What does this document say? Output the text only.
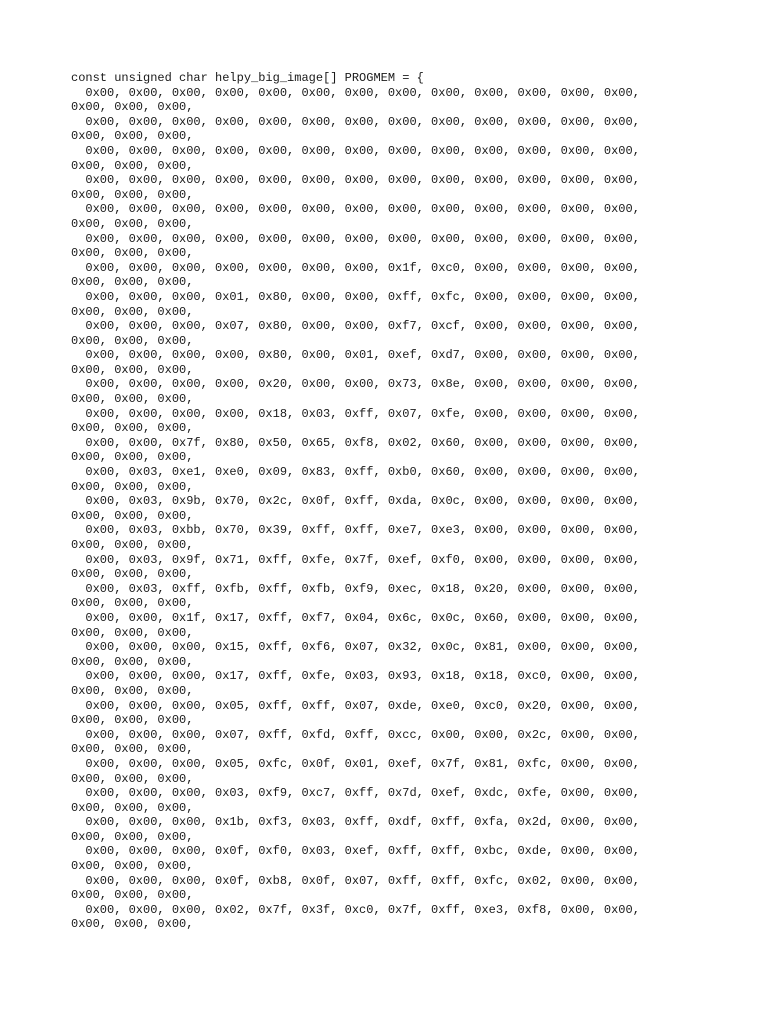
const unsigned char helpy_big_image[] PROGMEM = {
0x00, 0x00, 0x00, 0x00, 0x00, 0x00, 0x00, 0x00, 0x00, 0x00, 0x00, 0x00, 0x00,
0x00, 0x00, 0x00,
0x00, 0x00, 0x00, 0x00, 0x00, 0x00, 0x00, 0x00, 0x00, 0x00, 0x00, 0x00, 0x00,
0x00, 0x00, 0x00,
0x00, 0x00, 0x00, 0x00, 0x00, 0x00, 0x00, 0x00, 0x00, 0x00, 0x00, 0x00, 0x00,
0x00, 0x00, 0x00,
0x00, 0x00, 0x00, 0x00, 0x00, 0x00, 0x00, 0x00, 0x00, 0x00, 0x00, 0x00, 0x00,
0x00, 0x00, 0x00,
0x00, 0x00, 0x00, 0x00, 0x00, 0x00, 0x00, 0x00, 0x00, 0x00, 0x00, 0x00, 0x00,
0x00, 0x00, 0x00,
0x00, 0x00, 0x00, 0x00, 0x00, 0x00, 0x00, 0x00, 0x00, 0x00, 0x00, 0x00, 0x00,
0x00, 0x00, 0x00,
0x00, 0x00, 0x00, 0x00, 0x00, 0x00, 0x00, 0x1f, 0xc0, 0x00, 0x00, 0x00, 0x00,
0x00, 0x00, 0x00,
0x00, 0x00, 0x00, 0x01, 0x80, 0x00, 0x00, 0xff, 0xfc, 0x00, 0x00, 0x00, 0x00,
0x00, 0x00, 0x00,
0x00, 0x00, 0x00, 0x07, 0x80, 0x00, 0x00, 0xf7, 0xcf, 0x00, 0x00, 0x00, 0x00,
0x00, 0x00, 0x00,
0x00, 0x00, 0x00, 0x00, 0x80, 0x00, 0x01, 0xef, 0xd7, 0x00, 0x00, 0x00, 0x00,
0x00, 0x00, 0x00,
0x00, 0x00, 0x00, 0x00, 0x20, 0x00, 0x00, 0x73, 0x8e, 0x00, 0x00, 0x00, 0x00,
0x00, 0x00, 0x00,
0x00, 0x00, 0x00, 0x00, 0x18, 0x03, 0xff, 0x07, 0xfe, 0x00, 0x00, 0x00, 0x00,
0x00, 0x00, 0x00,
0x00, 0x00, 0x7f, 0x80, 0x50, 0x65, 0xf8, 0x02, 0x60, 0x00, 0x00, 0x00, 0x00,
0x00, 0x00, 0x00,
0x00, 0x03, 0xe1, 0xe0, 0x09, 0x83, 0xff, 0xb0, 0x60, 0x00, 0x00, 0x00, 0x00,
0x00, 0x00, 0x00,
0x00, 0x03, 0x9b, 0x70, 0x2c, 0x0f, 0xff, 0xda, 0x0c, 0x00, 0x00, 0x00, 0x00,
0x00, 0x00, 0x00,
0x00, 0x03, 0xbb, 0x70, 0x39, 0xff, 0xff, 0xe7, 0xe3, 0x00, 0x00, 0x00, 0x00,
0x00, 0x00, 0x00,
0x00, 0x03, 0x9f, 0x71, 0xff, 0xfe, 0x7f, 0xef, 0xf0, 0x00, 0x00, 0x00, 0x00,
0x00, 0x00, 0x00,
0x00, 0x03, 0xff, 0xfb, 0xff, 0xfb, 0xf9, 0xec, 0x18, 0x20, 0x00, 0x00, 0x00,
0x00, 0x00, 0x00,
0x00, 0x00, 0x1f, 0x17, 0xff, 0xf7, 0x04, 0x6c, 0x0c, 0x60, 0x00, 0x00, 0x00,
0x00, 0x00, 0x00,
0x00, 0x00, 0x00, 0x15, 0xff, 0xf6, 0x07, 0x32, 0x0c, 0x81, 0x00, 0x00, 0x00,
0x00, 0x00, 0x00,
0x00, 0x00, 0x00, 0x17, 0xff, 0xfe, 0x03, 0x93, 0x18, 0x18, 0xc0, 0x00, 0x00,
0x00, 0x00, 0x00,
0x00, 0x00, 0x00, 0x05, 0xff, 0xff, 0x07, 0xde, 0xe0, 0xc0, 0x20, 0x00, 0x00,
0x00, 0x00, 0x00,
0x00, 0x00, 0x00, 0x07, 0xff, 0xfd, 0xff, 0xcc, 0x00, 0x00, 0x2c, 0x00, 0x00,
0x00, 0x00, 0x00,
0x00, 0x00, 0x00, 0x05, 0xfc, 0x0f, 0x01, 0xef, 0x7f, 0x81, 0xfc, 0x00, 0x00,
0x00, 0x00, 0x00,
0x00, 0x00, 0x00, 0x03, 0xf9, 0xc7, 0xff, 0x7d, 0xef, 0xdc, 0xfe, 0x00, 0x00,
0x00, 0x00, 0x00,
0x00, 0x00, 0x00, 0x1b, 0xf3, 0x03, 0xff, 0xdf, 0xff, 0xfa, 0x2d, 0x00, 0x00,
0x00, 0x00, 0x00,
0x00, 0x00, 0x00, 0x0f, 0xf0, 0x03, 0xef, 0xff, 0xff, 0xbc, 0xde, 0x00, 0x00,
0x00, 0x00, 0x00,
0x00, 0x00, 0x00, 0x0f, 0xb8, 0x0f, 0x07, 0xff, 0xff, 0xfc, 0x02, 0x00, 0x00,
0x00, 0x00, 0x00,
0x00, 0x00, 0x00, 0x02, 0x7f, 0x3f, 0xc0, 0x7f, 0xff, 0xe3, 0xf8, 0x00, 0x00,
0x00, 0x00, 0x00,
